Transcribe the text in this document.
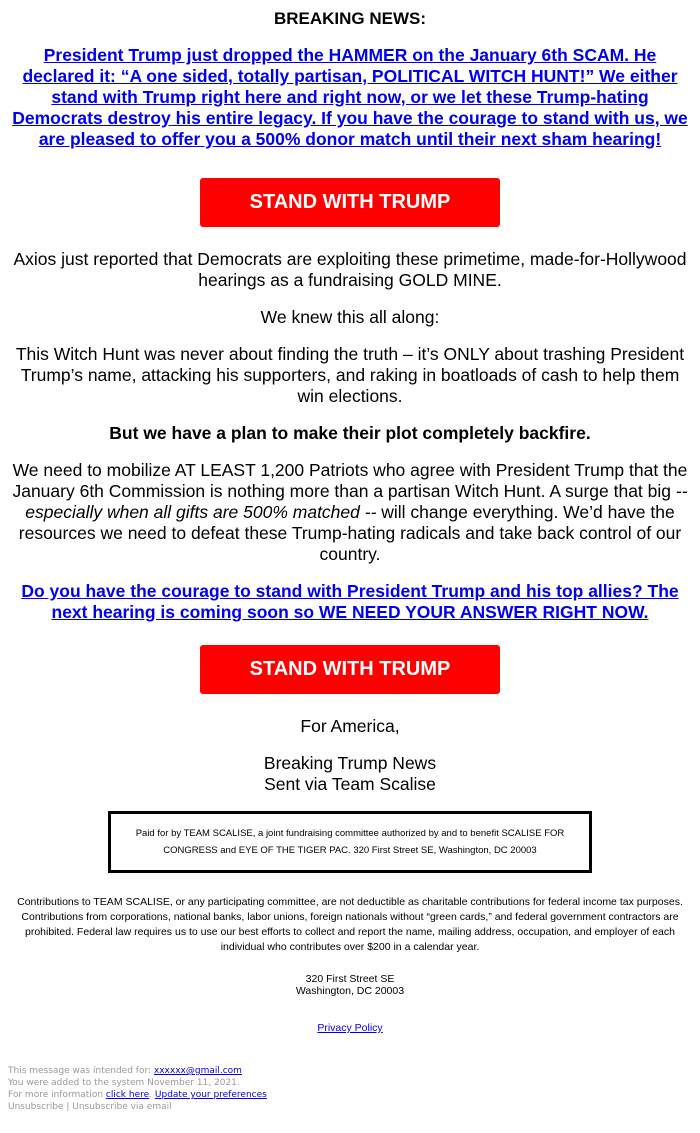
BREAKING NEWS:
President Trump just dropped the HAMMER on the January 6th SCAM. He declared it: “A one sided, totally partisan, POLITICAL WITCH HUNT!” We either stand with Trump right here and right now, or we let these Trump-hating Democrats destroy his entire legacy. If you have the courage to stand with us, we are pleased to offer you a 500% donor match until their next sham hearing!
STAND WITH TRUMP

Axios just reported that Democrats are exploiting these primetime, made-for-Hollywood hearings as a fundraising GOLD MINE.

We knew this all along:

This Witch Hunt was never about finding the truth – it’s ONLY about trashing President Trump’s name, attacking his supporters, and raking in boatloads of cash to help them win elections.

But we have a plan to make their plot completely backfire.

We need to mobilize AT LEAST 1,200 Patriots who agree with President Trump that the January 6th Commission is nothing more than a partisan Witch Hunt. A surge that big -- especially when all gifts are 500% matched -- will change everything. We’d have the resources we need to defeat these Trump-hating radicals and take back control of our country.

Do you have the courage to stand with President Trump and his top allies? The next hearing is coming soon so WE NEED YOUR ANSWER RIGHT NOW.
STAND WITH TRUMP

For America,

Breaking Trump News
Sent via Team Scalise

Paid for by TEAM SCALISE, a joint fundraising committee authorized by and to benefit SCALISE FOR CONGRESS and EYE OF THE TIGER PAC. 320 First Street SE, Washington, DC 20003
Contributions to TEAM SCALISE, or any participating committee, are not deductible as charitable contributions for federal income tax purposes. Contributions from corporations, national banks, labor unions, foreign nationals without “green cards,” and federal government contractors are prohibited. Federal law requires us to use our best efforts to collect and report the name, mailing address, occupation, and employer of each individual who contributes over $200 in a calendar year.
320 First Street SE
Washington, DC 20003
Privacy Policy
This message was intended for: xxxxxx@gmail.com
You were added to the system November 11, 2021.
For more information click here. Update your preferences
Unsubscribe | Unsubscribe via email
